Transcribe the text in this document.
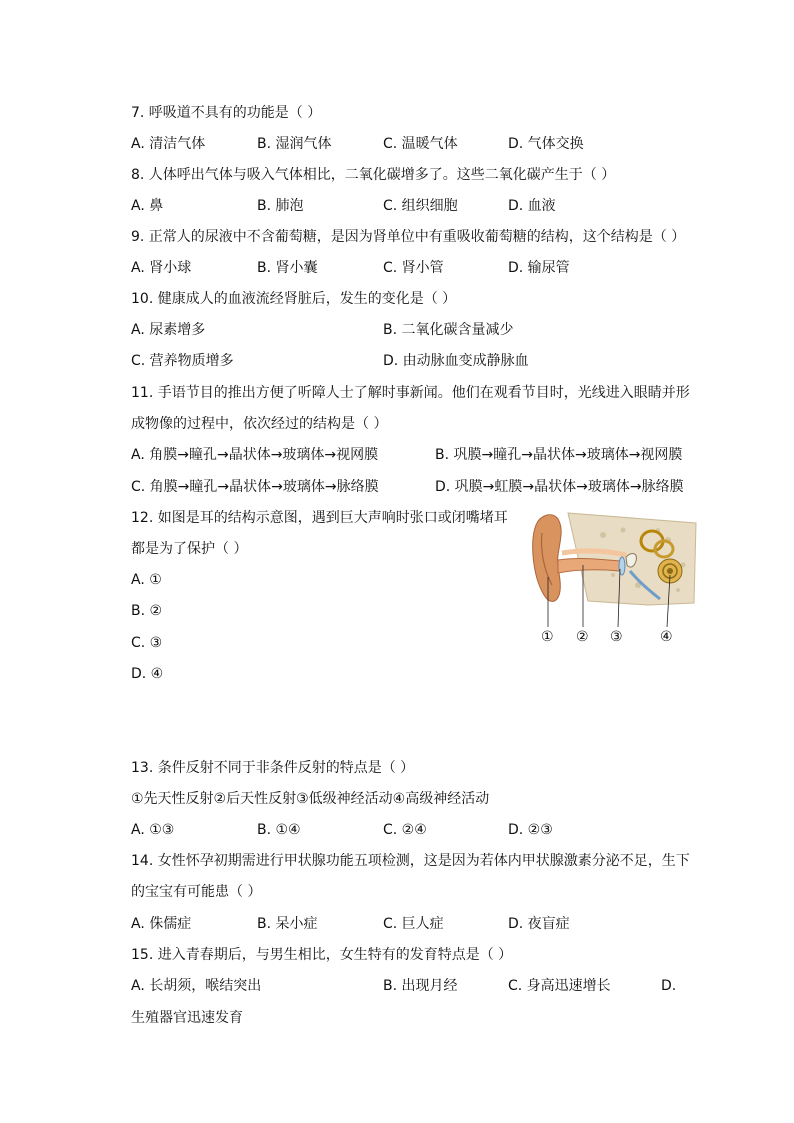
7. 呼吸道不具有的功能是（ ）
A. 清洁气体	B. 湿润气体	C. 温暖气体	D. 气体交换
8. 人体呼出气体与吸入气体相比，二氧化碳增多了。这些二氧化碳产生于（ ）
A. 鼻	B. 肺泡	C. 组织细胞	D. 血液
9. 正常人的尿液中不含葡萄糖，是因为肾单位中有重吸收葡萄糖的结构，这个结构是（ ）
A. 肾小球	B. 肾小囊	C. 肾小管	D. 输尿管
10. 健康成人的血液流经肾脏后，发生的变化是（ ）
A. 尿素增多	B. 二氧化碳含量减少
C. 营养物质增多	D. 由动脉血变成静脉血
11. 手语节目的推出方便了听障人士了解时事新闻。他们在观看节目时，光线进入眼睛并形
成物像的过程中，依次经过的结构是（ ）
A. 角膜→瞳孔→晶状体→玻璃体→视网膜	B. 巩膜→瞳孔→晶状体→玻璃体→视网膜
C. 角膜→瞳孔→晶状体→玻璃体→脉络膜	D. 巩膜→虹膜→晶状体→玻璃体→脉络膜
12. 如图是耳的结构示意图，遇到巨大声响时张口或闭嘴堵耳
都是为了保护（ ）
A. ①
B. ②
C. ③
D. ④
① ② ③	④
13. 条件反射不同于非条件反射的特点是（ ）
①先天性反射②后天性反射③低级神经活动④高级神经活动
A. ①③	B. ①④	C. ②④	D. ②③
14. 女性怀孕初期需进行甲状腺功能五项检测，这是因为若体内甲状腺激素分泌不足，生下
的宝宝有可能患（ ）
A. 侏儒症	B. 呆小症	C. 巨人症	D. 夜盲症
15. 进入青春期后，与男生相比，女生特有的发育特点是（ ）
A. 长胡须，喉结突出	B. 出现月经	C. 身高迅速增长	D.
生殖器官迅速发育
